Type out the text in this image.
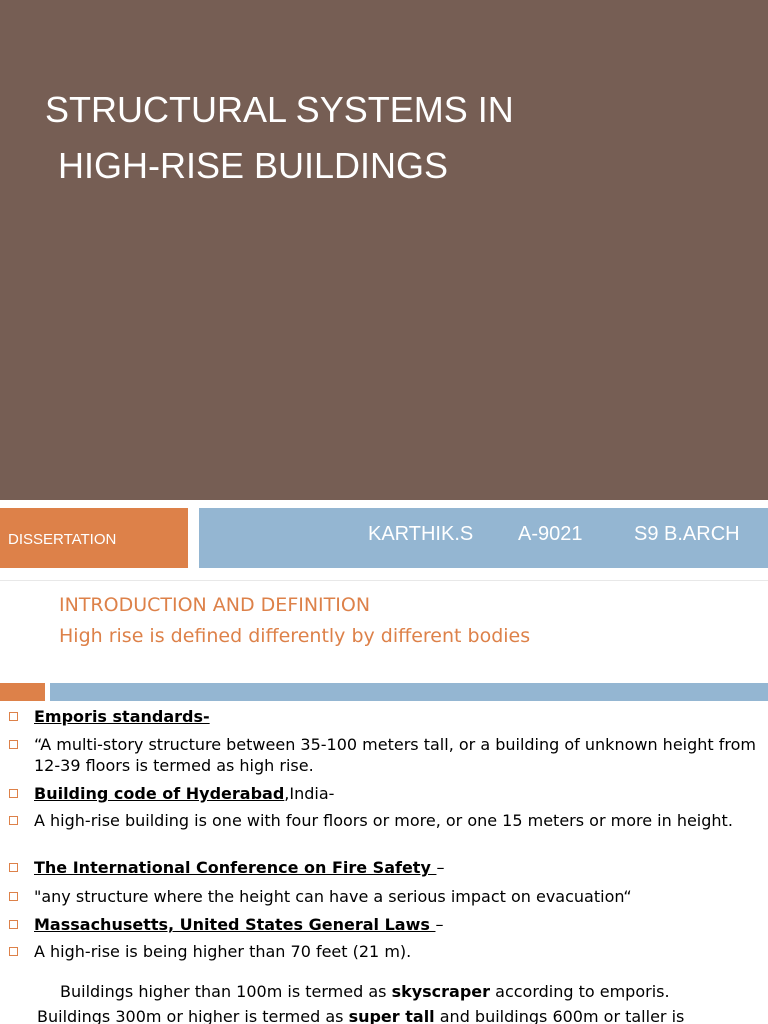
STRUCTURAL SYSTEMS IN
HIGH-RISE BUILDINGS
DISSERTATION	KARTHIK.S A-9021	S9 B.ARCH
INTRODUCTION AND DEFINITION
High rise is defined differently by different bodies
Emporis standards-
“A multi-story structure between 35-100 meters tall, or a building of unknown height from 12-39 floors is termed as high rise.
Building code of Hyderabad,India-
A high-rise building is one with four floors or more, or one 15 meters or more in height.
The International Conference on Fire Safety –
"any structure where the height can have a serious impact on evacuation“
Massachusetts, United States General Laws –
A high-rise is being higher than 70 feet (21 m).
Buildings higher than 100m is termed as skyscraper according to emporis.
Buildings 300m or higher is termed as super tall and buildings 600m or taller is
